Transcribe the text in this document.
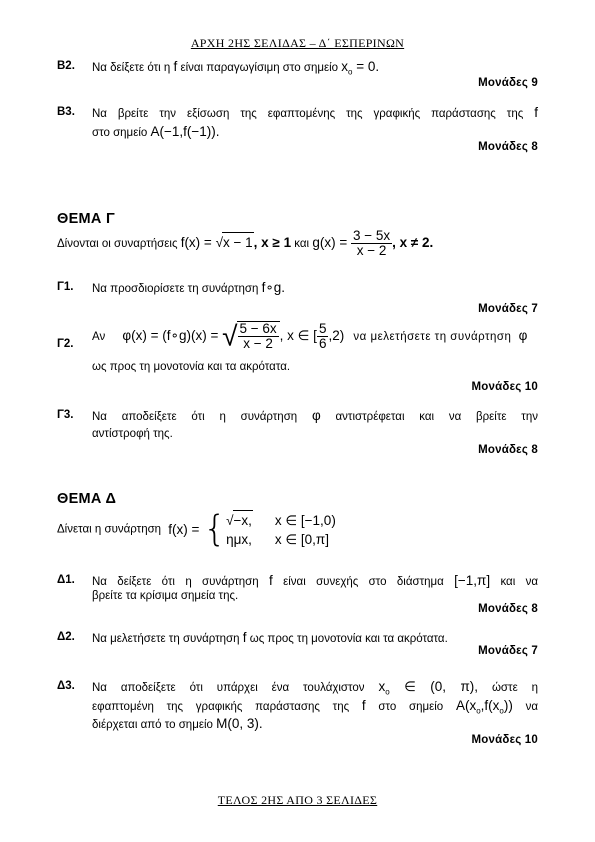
ΑΡΧΗ 2ΗΣ ΣΕΛΙΔΑΣ – Δ΄ ΕΣΠΕΡΙΝΩΝ
Β2. Να δείξετε ότι η f είναι παραγωγίσιμη στο σημείο $x_o = 0$.
Μονάδες 9
Β3. Να βρείτε την εξίσωση της εφαπτομένης της γραφικής παράστασης της f
στο σημείο A(−1,f(−1)).
Μονάδες 8
ΘΕΜΑ Γ
Δίνονται οι συναρτήσεις f(x) = √x − 1, x ≥ 1 και $g(x) = \frac{3 - 5x}{x - 2}$ , x ≠ 2.
Γ1. Να προσδιορίσετε τη συνάρτηση f∘g.
Μονάδες 7
Γ2.
Αν φ(x) = (f∘g)(x) = √ $\frac{5 - 6x}{x - 2}$ , x ∈ [ $\frac{5}{6} ,2$) να μελετήσετε τη συνάρτηση φ
ως προς τη μονοτονία και τα ακρότατα.
Μονάδες 10
Γ3. Να αποδείξετε ότι η συνάρτηση φ αντιστρέφεται και να βρείτε την
αντίστροφή της.
Μονάδες 8
ΘΕΜΑ Δ
Δίνεται η συνάρτηση f(x) = { √−x,	x ∈ [−1,0)
ημx,	x ∈ [0,π]
Δ1. Να δείξετε ότι η συνάρτηση f είναι συνεχής στο διάστημα [−1,π] και να
βρείτε τα κρίσιμα σημεία της.
Μονάδες 8
Δ2. Να μελετήσετε τη συνάρτηση f ως προς τη μονοτονία και τα ακρότατα.
Μονάδες 7
Δ3. Να αποδείξετε ότι υπάρχει ένα τουλάχιστον $x_o$ ∈ (0, π), ώστε η
εφαπτομένη της γραφικής παράστασης της f στο σημείο $A(x_o,f(x_o))$ να
διέρχεται από το σημείο M(0, 3).
Μονάδες 10
ΤΕΛΟΣ 2ΗΣ ΑΠΟ 3 ΣΕΛΙΔΕΣ
